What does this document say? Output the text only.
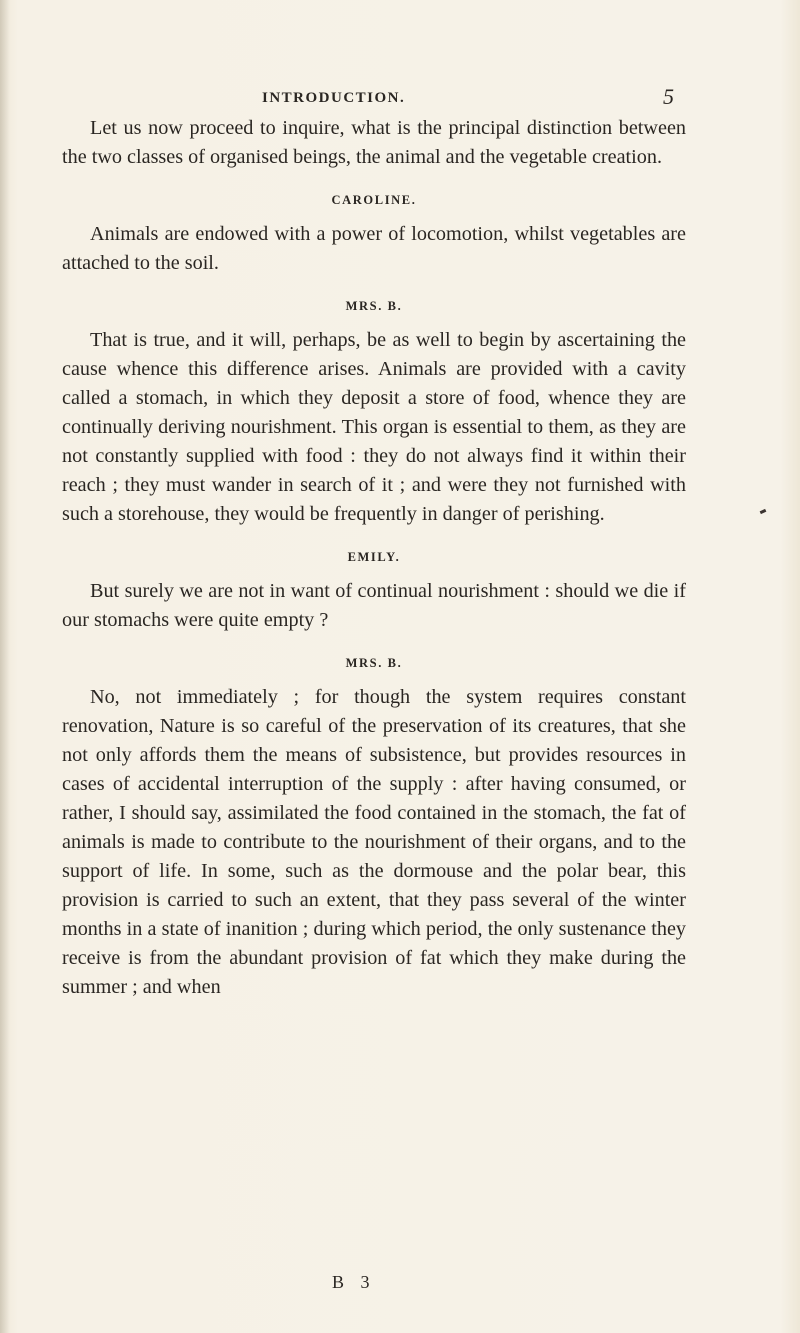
INTRODUCTION.	5

Let us now proceed to inquire, what is the principal distinction between the two classes of organised beings, the animal and the vegetable creation.

CAROLINE.

Animals are endowed with a power of locomotion, whilst vegetables are attached to the soil.

MRS. B.

That is true, and it will, perhaps, be as well to begin by ascertaining the cause whence this difference arises. Animals are provided with a cavity called a stomach, in which they deposit a store of food, whence they are continually deriving nourishment. This organ is essential to them, as they are not constantly supplied with food : they do not always find it within their reach ; they must wander in search of it ; and were they not furnished with such a storehouse, they would be frequently in danger of perishing.

EMILY.

But surely we are not in want of continual nourishment : should we die if our stomachs were quite empty ?

MRS. B.

No, not immediately ; for though the system requires constant renovation, Nature is so careful of the preservation of its creatures, that she not only affords them the means of subsistence, but provides resources in cases of accidental interruption of the supply : after having consumed, or rather, I should say, assimilated the food contained in the stomach, the fat of animals is made to contribute to the nourishment of their organs, and to the support of life. In some, such as the dormouse and the polar bear, this provision is carried to such an extent, that they pass several of the winter months in a state of inanition ; during which period, the only sustenance they receive is from the abundant provision of fat which they make during the summer ; and when

B 3
